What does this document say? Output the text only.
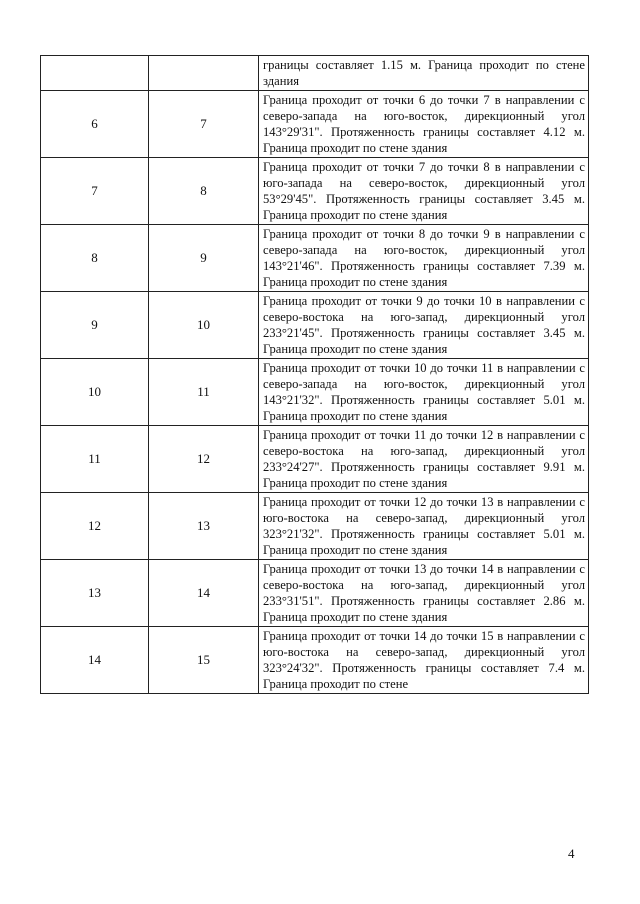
		границы составляет 1.15 м. Граница проходит по стене здания
6	7	Граница проходит от точки 6 до точки 7 в направлении с северо-запада на юго-восток, дирекционный угол 143°29'31". Протяженность границы составляет 4.12 м. Граница проходит по стене здания
7	8	Граница проходит от точки 7 до точки 8 в направлении с юго-запада на северо-восток, дирекционный угол 53°29'45". Протяженность границы составляет 3.45 м. Граница проходит по стене здания
8	9	Граница проходит от точки 8 до точки 9 в направлении с северо-запада на юго-восток, дирекционный угол 143°21'46". Протяженность границы составляет 7.39 м. Граница проходит по стене здания
9	10	Граница проходит от точки 9 до точки 10 в направлении с северо-востока на юго-запад, дирекционный угол 233°21'45". Протяженность границы составляет 3.45 м. Граница проходит по стене здания
10	11	Граница проходит от точки 10 до точки 11 в направлении с северо-запада на юго-восток, дирекционный угол 143°21'32". Протяженность границы составляет 5.01 м. Граница проходит по стене здания
11	12	Граница проходит от точки 11 до точки 12 в направлении с северо-востока на юго-запад, дирекционный угол 233°24'27". Протяженность границы составляет 9.91 м. Граница проходит по стене здания
12	13	Граница проходит от точки 12 до точки 13 в направлении с юго-востока на северо-запад, дирекционный угол 323°21'32". Протяженность границы составляет 5.01 м. Граница проходит по стене здания
13	14	Граница проходит от точки 13 до точки 14 в направлении с северо-востока на юго-запад, дирекционный угол 233°31'51". Протяженность границы составляет 2.86 м. Граница проходит по стене здания
14	15	Граница проходит от точки 14 до точки 15 в направлении с юго-востока на северо-запад, дирекционный угол 323°24'32". Протяженность границы составляет 7.4 м. Граница проходит по стене
4
